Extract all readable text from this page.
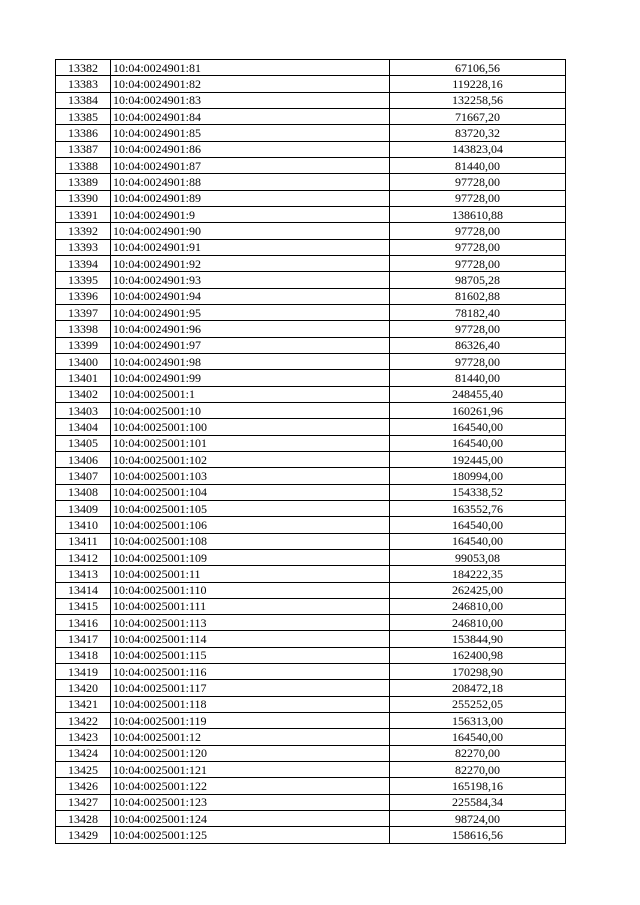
13382	10:04:0024901:81	67106,56
13383	10:04:0024901:82	119228,16
13384	10:04:0024901:83	132258,56
13385	10:04:0024901:84	71667,20
13386	10:04:0024901:85	83720,32
13387	10:04:0024901:86	143823,04
13388	10:04:0024901:87	81440,00
13389	10:04:0024901:88	97728,00
13390	10:04:0024901:89	97728,00
13391	10:04:0024901:9	138610,88
13392	10:04:0024901:90	97728,00
13393	10:04:0024901:91	97728,00
13394	10:04:0024901:92	97728,00
13395	10:04:0024901:93	98705,28
13396	10:04:0024901:94	81602,88
13397	10:04:0024901:95	78182,40
13398	10:04:0024901:96	97728,00
13399	10:04:0024901:97	86326,40
13400	10:04:0024901:98	97728,00
13401	10:04:0024901:99	81440,00
13402	10:04:0025001:1	248455,40
13403	10:04:0025001:10	160261,96
13404	10:04:0025001:100	164540,00
13405	10:04:0025001:101	164540,00
13406	10:04:0025001:102	192445,00
13407	10:04:0025001:103	180994,00
13408	10:04:0025001:104	154338,52
13409	10:04:0025001:105	163552,76
13410	10:04:0025001:106	164540,00
13411	10:04:0025001:108	164540,00
13412	10:04:0025001:109	99053,08
13413	10:04:0025001:11	184222,35
13414	10:04:0025001:110	262425,00
13415	10:04:0025001:111	246810,00
13416	10:04:0025001:113	246810,00
13417	10:04:0025001:114	153844,90
13418	10:04:0025001:115	162400,98
13419	10:04:0025001:116	170298,90
13420	10:04:0025001:117	208472,18
13421	10:04:0025001:118	255252,05
13422	10:04:0025001:119	156313,00
13423	10:04:0025001:12	164540,00
13424	10:04:0025001:120	82270,00
13425	10:04:0025001:121	82270,00
13426	10:04:0025001:122	165198,16
13427	10:04:0025001:123	225584,34
13428	10:04:0025001:124	98724,00
13429	10:04:0025001:125	158616,56
